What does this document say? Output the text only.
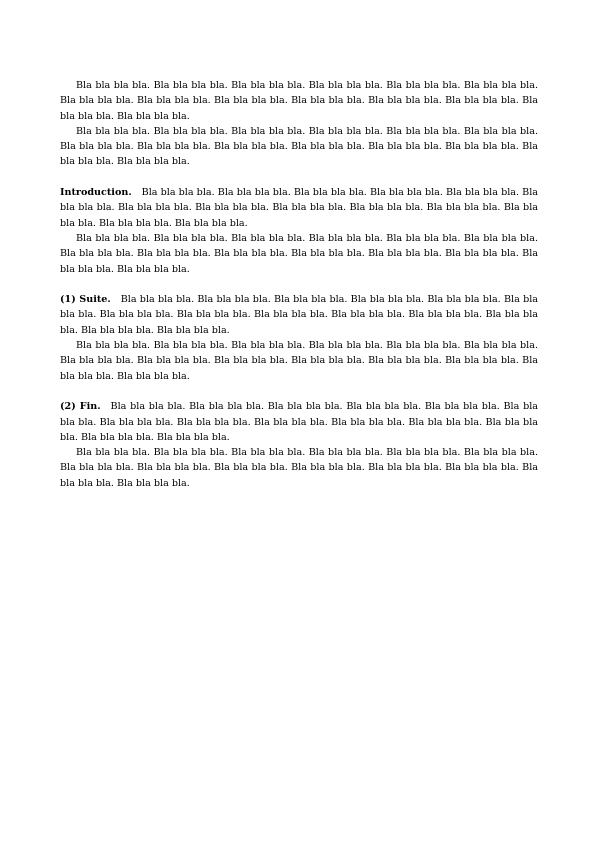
Bla bla bla bla. Bla bla bla bla. Bla bla bla bla. Bla bla bla bla. Bla bla bla bla. Bla bla bla bla. Bla bla bla bla. Bla bla bla bla. Bla bla bla bla. Bla bla bla bla. Bla bla bla bla. Bla bla bla bla. Bla bla bla bla. Bla bla bla bla.

Bla bla bla bla. Bla bla bla bla. Bla bla bla bla. Bla bla bla bla. Bla bla bla bla. Bla bla bla bla. Bla bla bla bla. Bla bla bla bla. Bla bla bla bla. Bla bla bla bla. Bla bla bla bla. Bla bla bla bla. Bla bla bla bla. Bla bla bla bla.

Introduction. Bla bla bla bla. Bla bla bla bla. Bla bla bla bla. Bla bla bla bla. Bla bla bla bla. Bla bla bla bla. Bla bla bla bla. Bla bla bla bla. Bla bla bla bla. Bla bla bla bla. Bla bla bla bla. Bla bla bla bla. Bla bla bla bla. Bla bla bla bla.

Bla bla bla bla. Bla bla bla bla. Bla bla bla bla. Bla bla bla bla. Bla bla bla bla. Bla bla bla bla. Bla bla bla bla. Bla bla bla bla. Bla bla bla bla. Bla bla bla bla. Bla bla bla bla. Bla bla bla bla. Bla bla bla bla. Bla bla bla bla.

(1) Suite. Bla bla bla bla. Bla bla bla bla. Bla bla bla bla. Bla bla bla bla. Bla bla bla bla. Bla bla bla bla. Bla bla bla bla. Bla bla bla bla. Bla bla bla bla. Bla bla bla bla. Bla bla bla bla. Bla bla bla bla. Bla bla bla bla. Bla bla bla bla.

Bla bla bla bla. Bla bla bla bla. Bla bla bla bla. Bla bla bla bla. Bla bla bla bla. Bla bla bla bla. Bla bla bla bla. Bla bla bla bla. Bla bla bla bla. Bla bla bla bla. Bla bla bla bla. Bla bla bla bla. Bla bla bla bla. Bla bla bla bla.

(2) Fin. Bla bla bla bla. Bla bla bla bla. Bla bla bla bla. Bla bla bla bla. Bla bla bla bla. Bla bla bla bla. Bla bla bla bla. Bla bla bla bla. Bla bla bla bla. Bla bla bla bla. Bla bla bla bla. Bla bla bla bla. Bla bla bla bla. Bla bla bla bla.

Bla bla bla bla. Bla bla bla bla. Bla bla bla bla. Bla bla bla bla. Bla bla bla bla. Bla bla bla bla. Bla bla bla bla. Bla bla bla bla. Bla bla bla bla. Bla bla bla bla. Bla bla bla bla. Bla bla bla bla. Bla bla bla bla. Bla bla bla bla.
